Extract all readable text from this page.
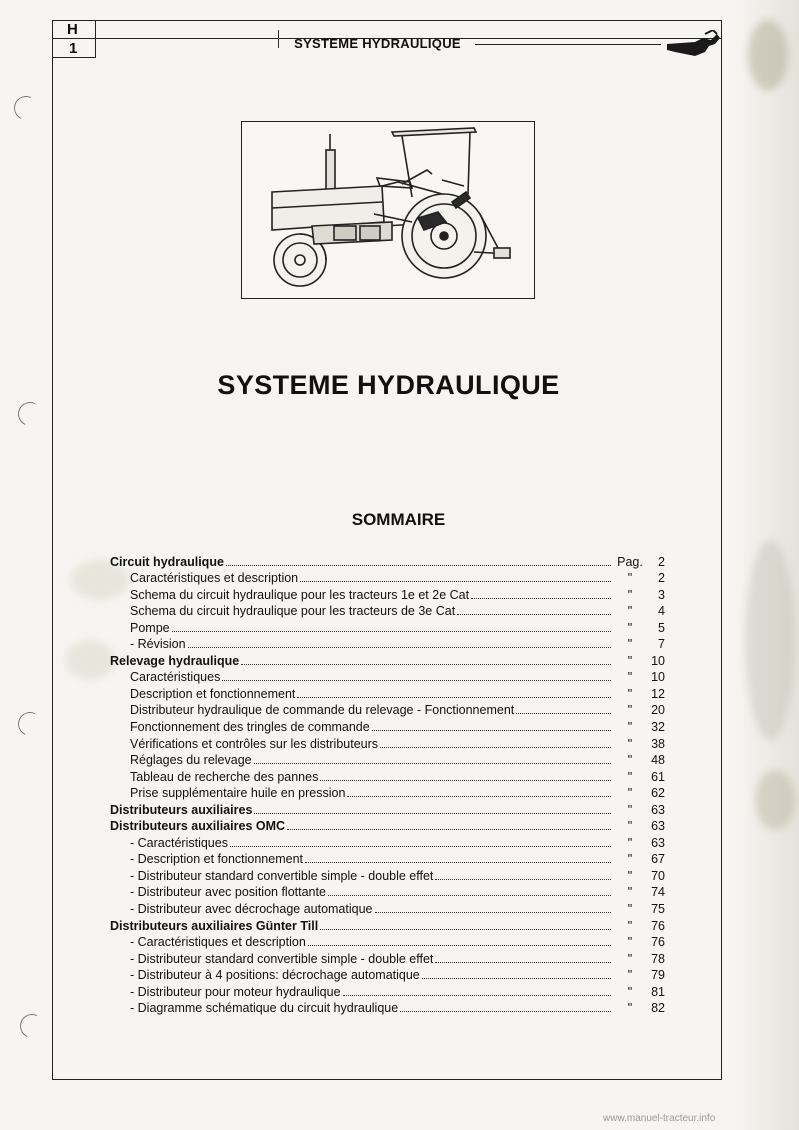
H
1	SYSTEME HYDRAULIQUE
SYSTEME HYDRAULIQUE
SOMMAIRE
Circuit hydraulique	Pag.	2
Caractéristiques et description	"	2
Schema du circuit hydraulique pour les tracteurs 1e et 2e Cat	"	3
Schema du circuit hydraulique pour les tracteurs de 3e Cat	"	4
Pompe	"	5
- Révision	"	7
Relevage hydraulique	"	10
Caractéristiques	"	10
Description et fonctionnement	"	12
Distributeur hydraulique de commande du relevage - Fonctionnement	"	20
Fonctionnement des tringles de commande	"	32
Vérifications et contrôles sur les distributeurs	"	38
Réglages du relevage	"	48
Tableau de recherche des pannes	"	61
Prise supplémentaire huile en pression	"	62
Distributeurs auxiliaires	"	63
Distributeurs auxiliaires OMC	"	63
- Caractéristiques	"	63
- Description et fonctionnement	"	67
- Distributeur standard convertible simple - double effet	"	70
- Distributeur avec position flottante	"	74
- Distributeur avec décrochage automatique	"	75
Distributeurs auxiliaires Günter Till	"	76
- Caractéristiques et description	"	76
- Distributeur standard convertible simple - double effet	"	78
- Distributeur à 4 positions: décrochage automatique	"	79
- Distributeur pour moteur hydraulique	"	81
- Diagramme schématique du circuit hydraulique	"	82
www.manuel-tracteur.info
